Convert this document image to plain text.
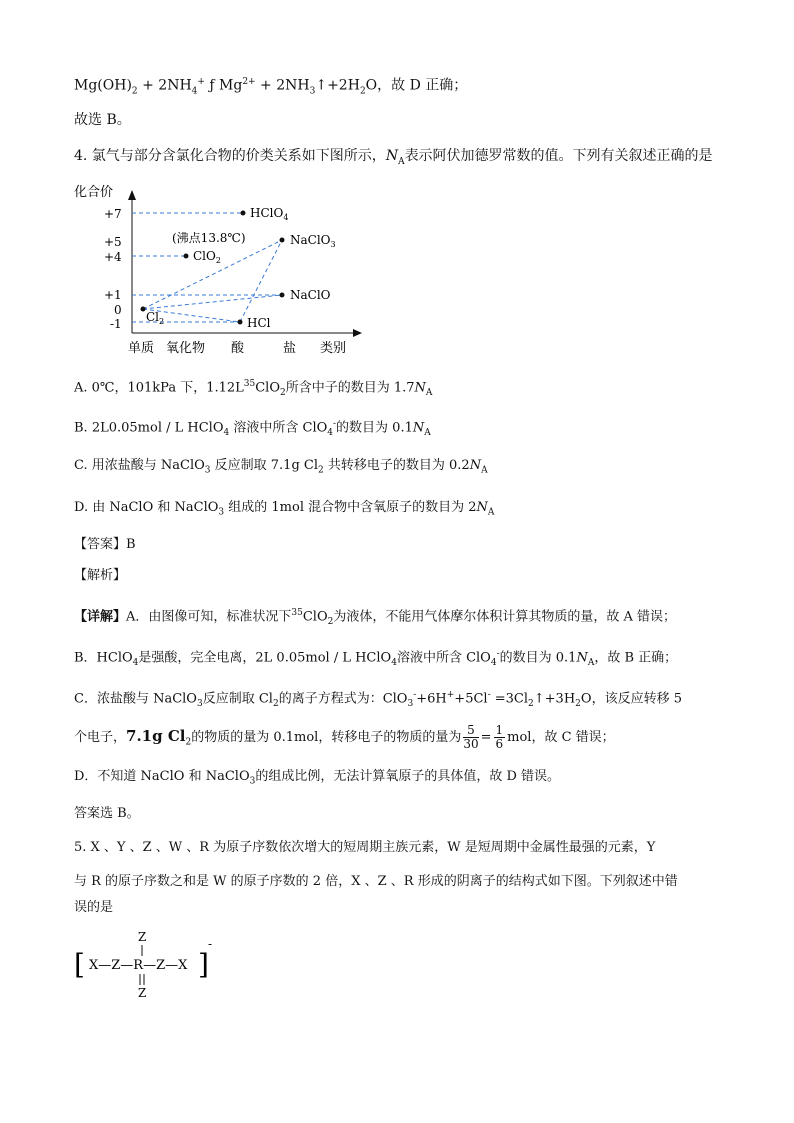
$Mg(OH)_2 + 2NH_4^+$ ƒ $Mg^{2+}$ + $2NH_3↑+2H_2O$，故 D 正确；
故选 B。
4. 氯气与部分含氯化合物的价类关系如下图所示，$N_A$表示阿伏加德罗常数的值。下列有关叙述正确的是
化合价
+7
+5
+4
+1
0
-1
HClO$_4$
NaClO$_3$
(沸点13.8℃)
ClO$_2$
NaClO
$Cl_2$	HCl
单质 氧化物 酸	盐 类别
A. 0℃，101kPa 下，$1.12L^{35}ClO_2$所含中子的数目为 $1.7N_A$
B. 2L0.05mol / L HClO$_4$ 溶液中所含 ClO$_4$-的数目为 $0.1N_A$
C. 用浓盐酸与 NaClO$_3$ 反应制取 7.1g $Cl_2$ 共转移电子的数目为 $0.2N_A$
D. 由 NaClO 和 NaClO$_3$ 组成的 1mol 混合物中含氧原子的数目为 $2N_A$
【答案】B
【解析】
【详解】A．由图像可知，标准状况下$^{35}$ClO$_2$为液体，不能用气体摩尔体积计算其物质的量，故 A 错误；
B．HClO$_4$是强酸，完全电离，2L 0.05mol / L HClO$_4$溶液中所含 ClO$_4$-的数目为 $0.1N_A$，故 B 正确；
C．浓盐酸与 NaClO$_3$反应制取 $Cl_2$的离子方程式为：$ClO_3^-+6H^++5Cl^- =3Cl_2↑+3H_2O$，该反应转移 5
个电子，7.1g $Cl_2$的物质的量为 0.1mol，转移电子的物质的量为 $\frac{5}{30} = \frac{1}{6}$ mol，故 C 错误；
D．不知道 NaClO 和 NaClO$_3$的组成比例，无法计算氧原子的具体值，故 D 错误。
答案选 B。
5. X 、Y 、Z 、W 、R 为原子序数依次增大的短周期主族元素，W 是短周期中金属性最强的元素，Y
与 R 的原子序数之和是 W 的原子序数的 2 倍，X 、Z 、R 形成的阴离子的结构式如下图。下列叙述中错
误的是
[
Z
X—Z—R—Z—X
Z
]
-
